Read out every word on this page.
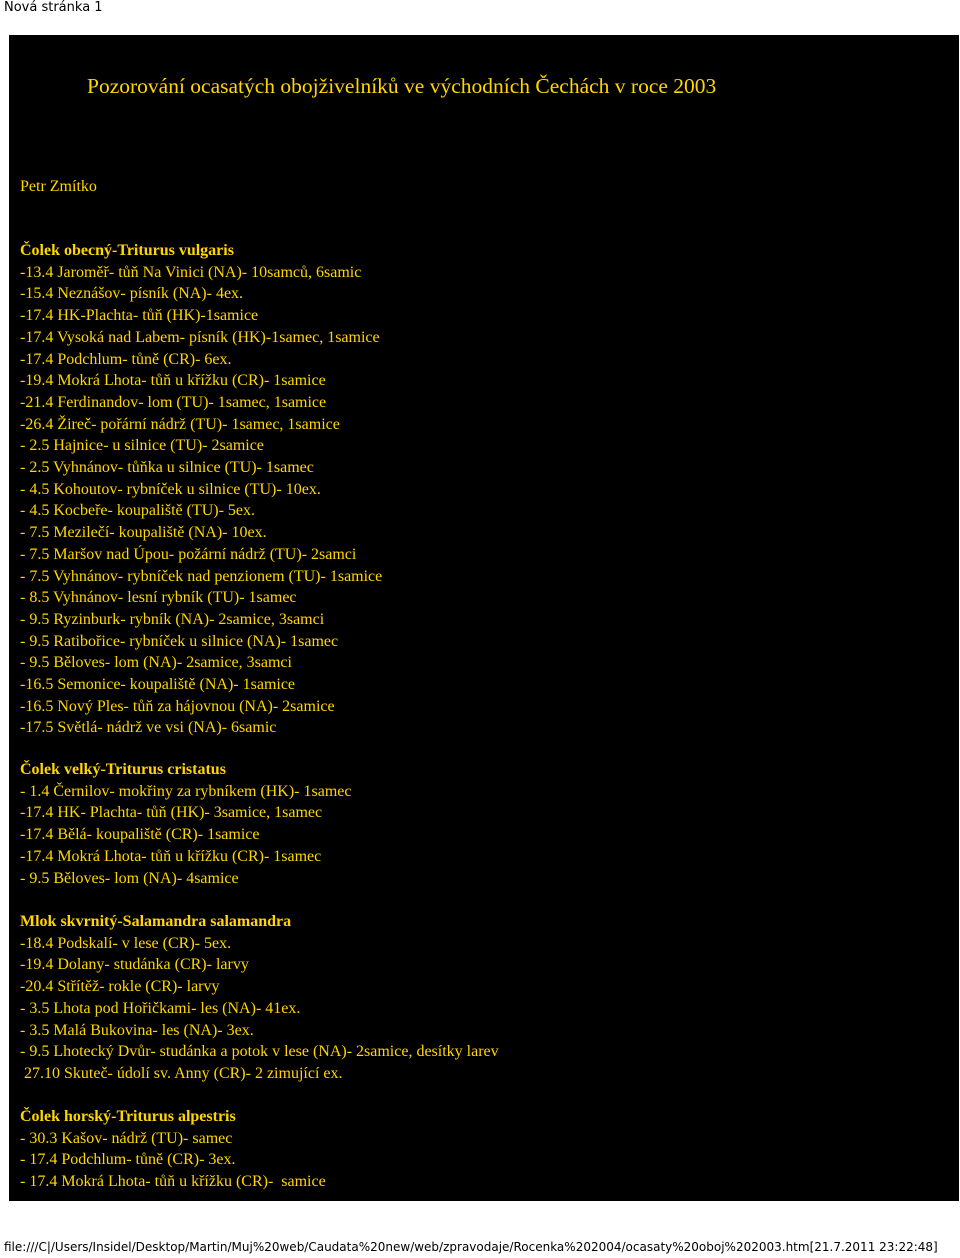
Nová stránka 1
Pozorování ocasatých obojživelníků ve východních Čechách v roce 2003
Petr Zmítko
Čolek obecný-Triturus vulgaris
-13.4 Jaroměř- tůň Na Vinici (NA)- 10samců, 6samic
-15.4 Neznášov- písník (NA)- 4ex.
-17.4 HK-Plachta- tůň (HK)-1samice
-17.4 Vysoká nad Labem- písník (HK)-1samec, 1samice
-17.4 Podchlum- tůně (CR)- 6ex.
-19.4 Mokrá Lhota- tůň u křížku (CR)- 1samice
-21.4 Ferdinandov- lom (TU)- 1samec, 1samice
-26.4 Žireč- pořární nádrž (TU)- 1samec, 1samice
- 2.5 Hajnice- u silnice (TU)- 2samice
- 2.5 Vyhnánov- tůňka u silnice (TU)- 1samec
- 4.5 Kohoutov- rybníček u silnice (TU)- 10ex.
- 4.5 Kocbeře- koupaliště (TU)- 5ex.
- 7.5 Mezilečí- koupaliště (NA)- 10ex.
- 7.5 Maršov nad Úpou- požární nádrž (TU)- 2samci
- 7.5 Vyhnánov- rybníček nad penzionem (TU)- 1samice
- 8.5 Vyhnánov- lesní rybník (TU)- 1samec
- 9.5 Ryzinburk- rybník (NA)- 2samice, 3samci
- 9.5 Ratibořice- rybníček u silnice (NA)- 1samec
- 9.5 Běloves- lom (NA)- 2samice, 3samci
-16.5 Semonice- koupaliště (NA)- 1samice
-16.5 Nový Ples- tůň za hájovnou (NA)- 2samice
-17.5 Světlá- nádrž ve vsi (NA)- 6samic
Čolek velký-Triturus cristatus
- 1.4 Černilov- mokřiny za rybníkem (HK)- 1samec
-17.4 HK- Plachta- tůň (HK)- 3samice, 1samec
-17.4 Bělá- koupaliště (CR)- 1samice
-17.4 Mokrá Lhota- tůň u křížku (CR)- 1samec
- 9.5 Běloves- lom (NA)- 4samice
Mlok skvrnitý-Salamandra salamandra
-18.4 Podskalí- v lese (CR)- 5ex.
-19.4 Dolany- studánka (CR)- larvy
-20.4 Střítěž- rokle (CR)- larvy
- 3.5 Lhota pod Hořičkami- les (NA)- 41ex.
- 3.5 Malá Bukovina- les (NA)- 3ex.
- 9.5 Lhotecký Dvůr- studánka a potok v lese (NA)- 2samice, desítky larev
27.10 Skuteč- údolí sv. Anny (CR)- 2 zimující ex.
Čolek horský-Triturus alpestris
- 30.3 Kašov- nádrž (TU)- samec
- 17.4 Podchlum- tůně (CR)- 3ex.
- 17.4 Mokrá Lhota- tůň u křížku (CR)-  samice
file:///C|/Users/Insidel/Desktop/Martin/Muj%20web/Caudata%20new/web/zpravodaje/Rocenka%202004/ocasaty%20oboj%202003.htm[21.7.2011 23:22:48]
